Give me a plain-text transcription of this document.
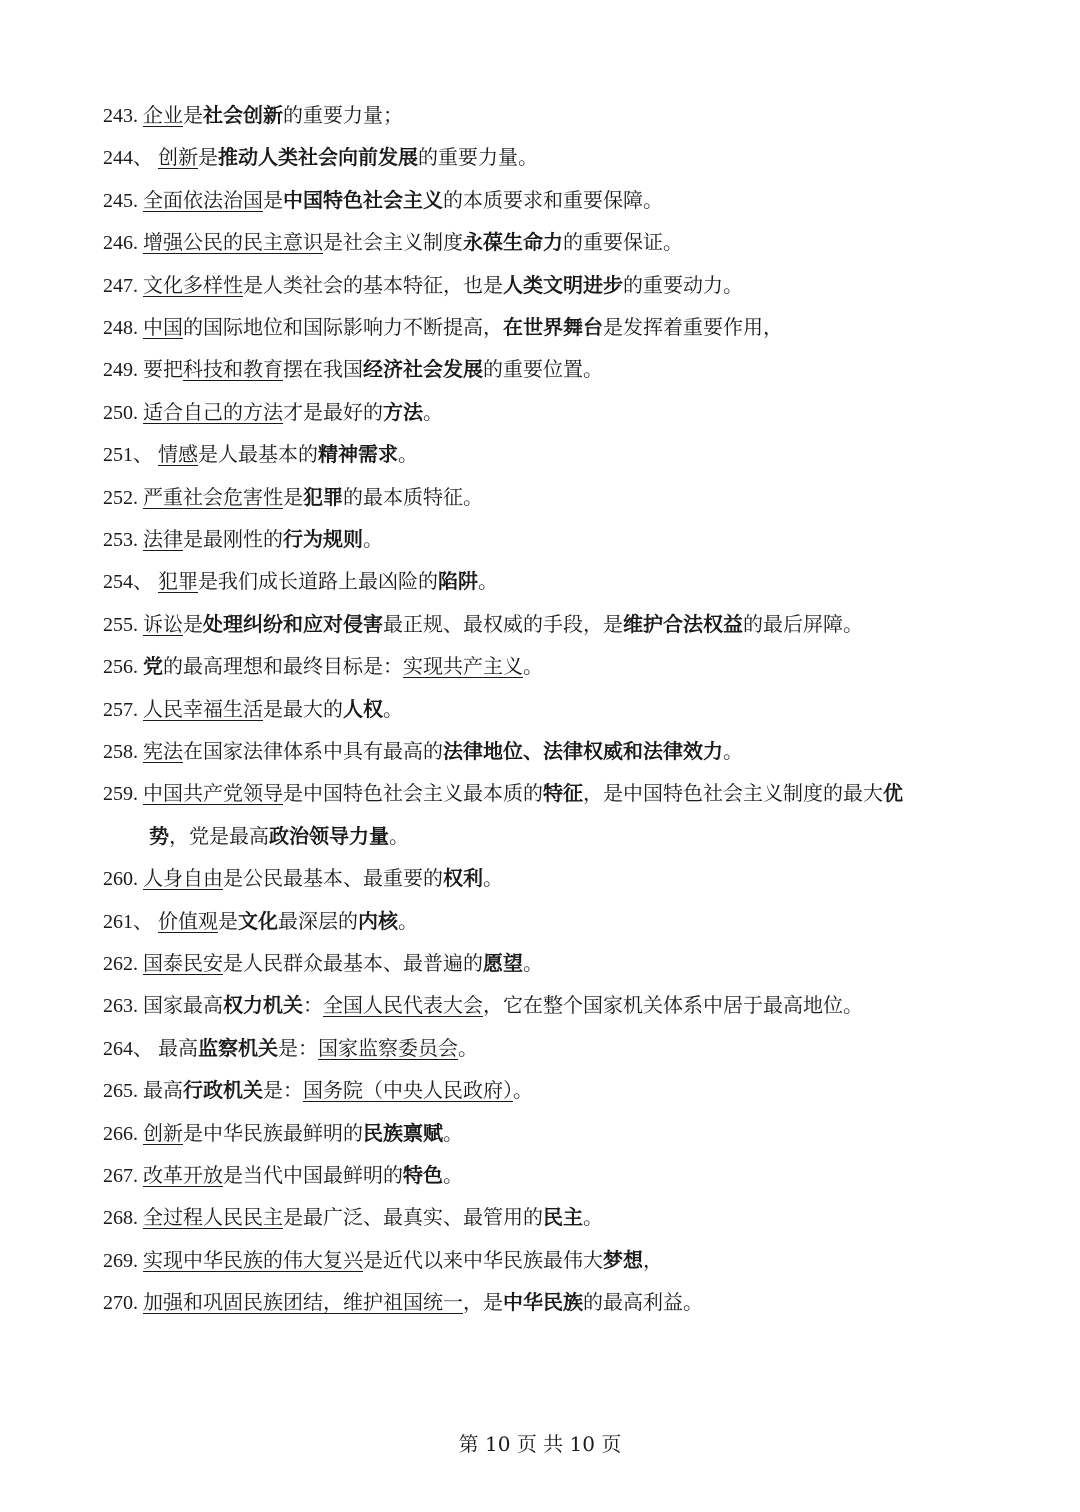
243. 企业是社会创新的重要力量；
244、 创新是推动人类社会向前发展的重要力量。
245. 全面依法治国是中国特色社会主义的本质要求和重要保障。
246. 增强公民的民主意识是社会主义制度永葆生命力的重要保证。
247. 文化多样性是人类社会的基本特征，也是人类文明进步的重要动力。
248. 中国的国际地位和国际影响力不断提高，在世界舞台是发挥着重要作用，
249. 要把科技和教育摆在我国经济社会发展的重要位置。
250. 适合自己的方法才是最好的方法。
251、 情感是人最基本的精神需求。
252. 严重社会危害性是犯罪的最本质特征。
253. 法律是最刚性的行为规则。
254、 犯罪是我们成长道路上最凶险的陷阱。
255. 诉讼是处理纠纷和应对侵害最正规、最权威的手段，是维护合法权益的最后屏障。
256. 党的最高理想和最终目标是：实现共产主义。
257. 人民幸福生活是最大的人权。
258. 宪法在国家法律体系中具有最高的法律地位、法律权威和法律效力。
259. 中国共产党领导是中国特色社会主义最本质的特征，是中国特色社会主义制度的最大优
势，党是最高政治领导力量。
260. 人身自由是公民最基本、最重要的权利。
261、 价值观是文化最深层的内核。
262. 国泰民安是人民群众最基本、最普遍的愿望。
263. 国家最高权力机关：全国人民代表大会，它在整个国家机关体系中居于最高地位。
264、 最高监察机关是：国家监察委员会。
265. 最高行政机关是：国务院（中央人民政府）。
266. 创新是中华民族最鲜明的民族禀赋。
267. 改革开放是当代中国最鲜明的特色。
268. 全过程人民民主是最广泛、最真实、最管用的民主。
269. 实现中华民族的伟大复兴是近代以来中华民族最伟大梦想，
270. 加强和巩固民族团结，维护祖国统一，是中华民族的最高利益。
第 10 页 共 10 页
